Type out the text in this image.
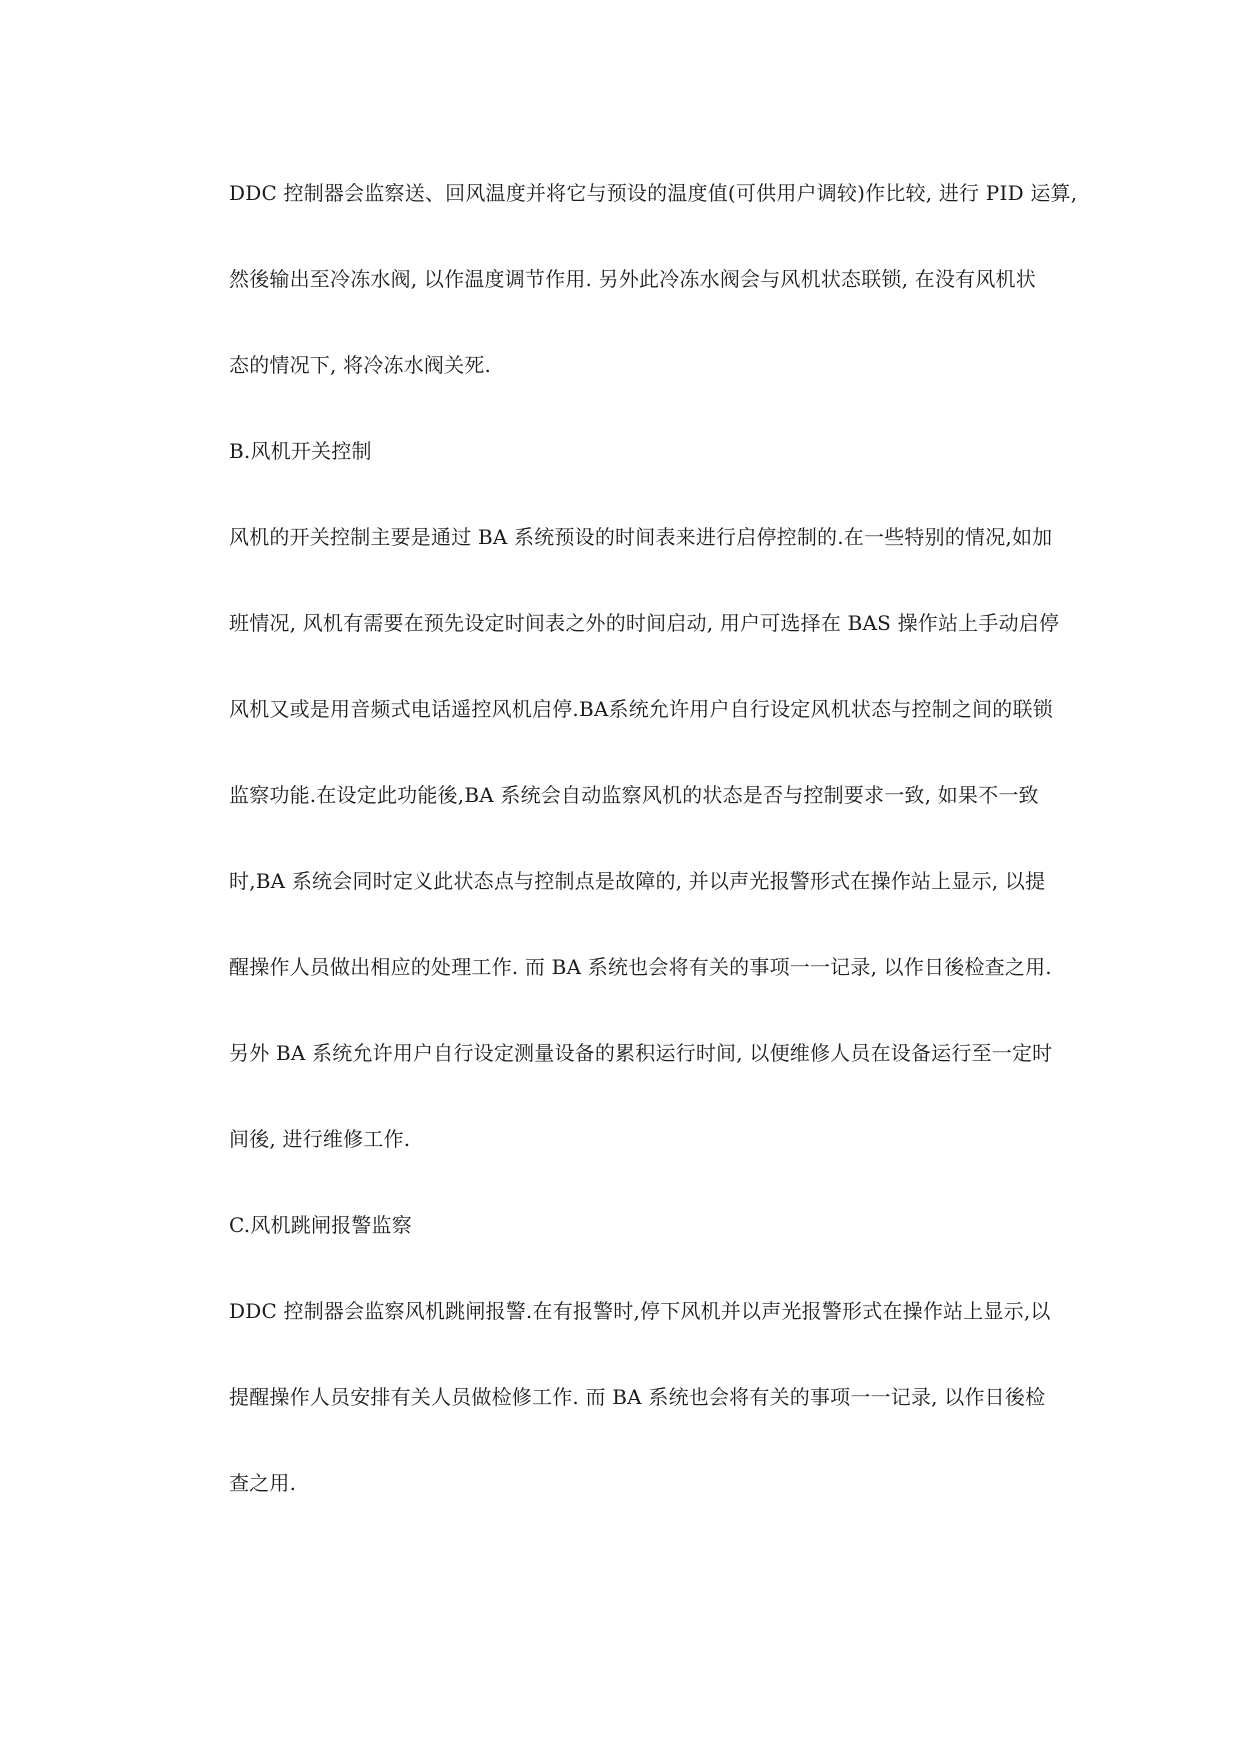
DDC 控制器会监察送、回风温度并将它与预设的温度值(可供用户调较)作比较, 进行 PID 运算,
然後输出至冷冻水阀, 以作温度调节作用. 另外此冷冻水阀会与风机状态联锁, 在没有风机状
态的情况下, 将冷冻水阀关死.
B.风机开关控制
风机的开关控制主要是通过 BA 系统预设的时间表来进行启停控制的.在一些特别的情况,如加
班情况, 风机有需要在预先设定时间表之外的时间启动, 用户可选择在 BAS 操作站上手动启停
风机又或是用音频式电话遥控风机启停.BA系统允许用户自行设定风机状态与控制之间的联锁
监察功能.在设定此功能後,BA 系统会自动监察风机的状态是否与控制要求一致, 如果不一致
时,BA 系统会同时定义此状态点与控制点是故障的, 并以声光报警形式在操作站上显示, 以提
醒操作人员做出相应的处理工作. 而 BA 系统也会将有关的事项一一记录, 以作日後检查之用.
另外 BA 系统允许用户自行设定测量设备的累积运行时间, 以便维修人员在设备运行至一定时
间後, 进行维修工作.
C.风机跳闸报警监察
DDC 控制器会监察风机跳闸报警.在有报警时,停下风机并以声光报警形式在操作站上显示,以
提醒操作人员安排有关人员做检修工作. 而 BA 系统也会将有关的事项一一记录, 以作日後检
查之用.
